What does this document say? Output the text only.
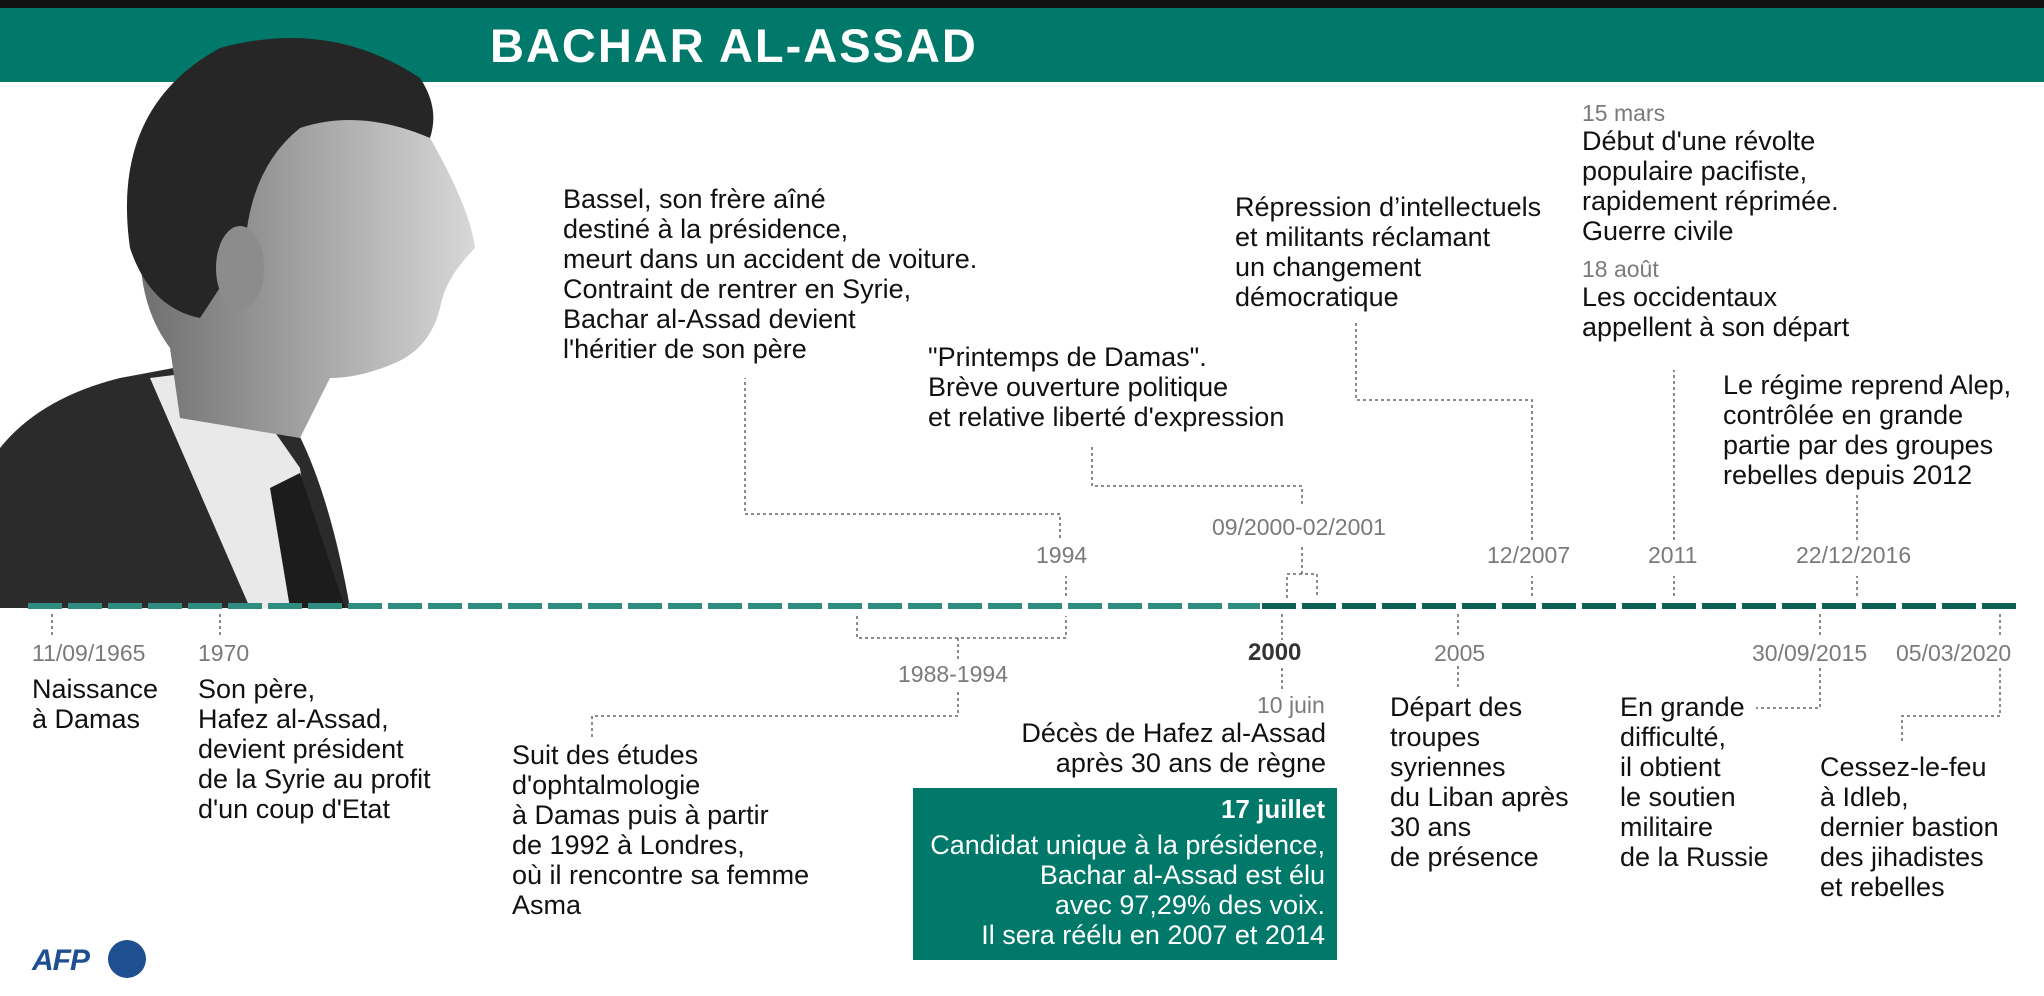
BACHAR AL-ASSAD
11/09/1965
Naissance
à Damas
1970
Son père,
Hafez al-Assad,
devient président
de la Syrie au profit
d'un coup d'Etat
1988-1994
Suit des études
d'ophtalmologie
à Damas puis à partir
de 1992 à Londres,
où il rencontre sa femme
Asma
1994
Bassel, son frère aîné
destiné à la présidence,
meurt dans un accident de voiture.
Contraint de rentrer en Syrie,
Bachar al-Assad devient
l'héritier de son père
2000
10 juin
Décès de Hafez al-Assad
après 30 ans de règne
17 juillet
Candidat unique à la présidence,
Bachar al-Assad est élu
avec 97,29% des voix.
Il sera réélu en 2007 et 2014
09/2000-02/2001
"Printemps de Damas".
Brève ouverture politique
et relative liberté d'expression
2005
Départ des
troupes
syriennes
du Liban après
30 ans
de présence
12/2007
Répression d’intellectuels
et militants réclamant
un changement
démocratique
2011
15 mars
Début d'une révolte
populaire pacifiste,
rapidement réprimée.
Guerre civile
18 août
Les occidentaux
appellent à son départ
30/09/2015
En grande
difficulté,
il obtient
le soutien
militaire
de la Russie
22/12/2016
Le régime reprend Alep,
contrôlée en grande
partie par des groupes
rebelles depuis 2012
05/03/2020
Cessez-le-feu
à Idleb,
dernier bastion
des jihadistes
et rebelles
AFP
